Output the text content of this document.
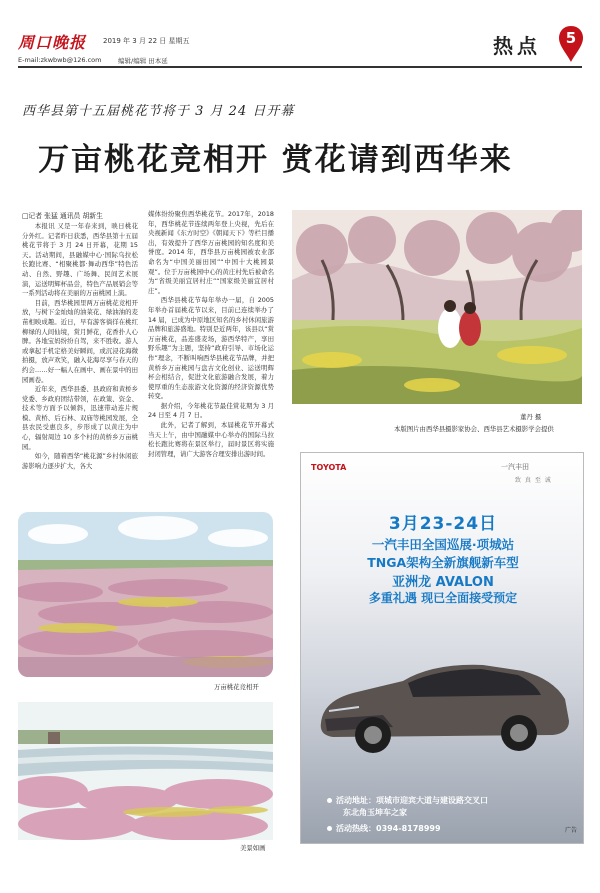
周口晚报 2019 年 3 月 22 日 星期五
E-mail:zkwbwb@126.com	编辑/编辑 田本延
热点 5
西华县第十五届桃花节将于 3 月 24 日开幕
万亩桃花竞相开 赏花请到西华来
□记者 张猛 通讯员 胡新生

本报讯 又是一年春来到，映日桃花分外红。记者昨日获悉，西华县第十五届桃花节将于 3 月 24 日开幕，花期 15 天。活动期间，县融媒中心·国际乌拉松长跑比赛、“相聚桃都·舞动西华”特色活动、自然、野趣、广场舞、民间艺术展演，运送明辉杯品尝，特色产品展销会等一系列活动将在美丽的万亩桃园上演。

目前，西华桃园里两万亩桃花竞相开放，与树下金灿灿的油菜花、绿油油的麦苗相映成趣。近日，早有游客徜徉在桃红柳绿的人间仙境，赏月鲜花，花香扑人心脾。各地宝妈纷纷自驾，来不胜收。游人或拿起手机定格美好瞬间，或沉浸花海微拍摄，放声欢笑，融入花海尽享与春天的约会……好一幅人在画中、画在景中的田园画卷。

近年来，西华县委、县政府和黄桥乡党委、乡政府团结带领，在政策、资金、技术等方面予以倾斜，迅速带动连片规模、黄桥、后石林、双庙等桃园发展，全县农民受惠良多，步形成了以黄庄为中心，辐射周边 10 多个村的黄桥乡万亩桃园。

如今，随着西华“桃花源”乡村休闲旅游影响力逐步扩大，各大

媒体纷纷聚焦西华桃花节。2017年，2018 年，西华桃花节连续两年登上央视，先后在央视新闻《东方时空》《朝闻天下》等栏目播出，有效提升了西华万亩桃园的知名度和美誉度。2014 年，西华县万亩桃园被农业部命名为“中国美丽田园”“中国十大桃园景观”。位于万亩桃园中心的黄庄村先后被命名为“省级美丽宜居村庄”“国家级美丽宜居村庄”。

西华县桃花节每年举办一届，自 2005 年举办首届桃花节以来，目前已连续举办了 14 届，已成为中原地区知名的乡村休闲旅游品牌和旅游盛地。特别是近两年，该县以“赏万亩桃花，品连盛麦场，游西华特产，享田野乐趣”为主题，坚持“政府引导、市场化运作”理念，不断叫响西华县桃花节品牌，并把黄桥乡万亩桃园与盘古文化创业、运送明辉杯会相结合，促进文化旅游融合发展，着力使厚重的生态旅游文化资源的经济资源优势转变。

据介绍，今年桃花节最佳赏花期为 3 月 24 日至 4 月 7 日。

此外，记者了解到，本届桃花节开幕式当天上午，由中国融媒中心举办的国际马拉松长跑比赛将在景区举行，届时景区将实施封闭管理，请广大游客合理安排出游时间。

董丹 摄
本版图片由西华县摄影家协会、西华县艺术摄影学会提供
万亩桃花竞相开
美景如画
TOYOTA	一汽丰田
致 真 至 诚
3月23-24日
一汽丰田全国巡展·项城站
TNGA架构全新旗舰新车型
亚洲龙 AVALON
多重礼遇 现已全面接受预定
活动地址：项城市迎宾大道与建设路交叉口
东北角玉坤车之家
活动热线：0394-8178999	广告
